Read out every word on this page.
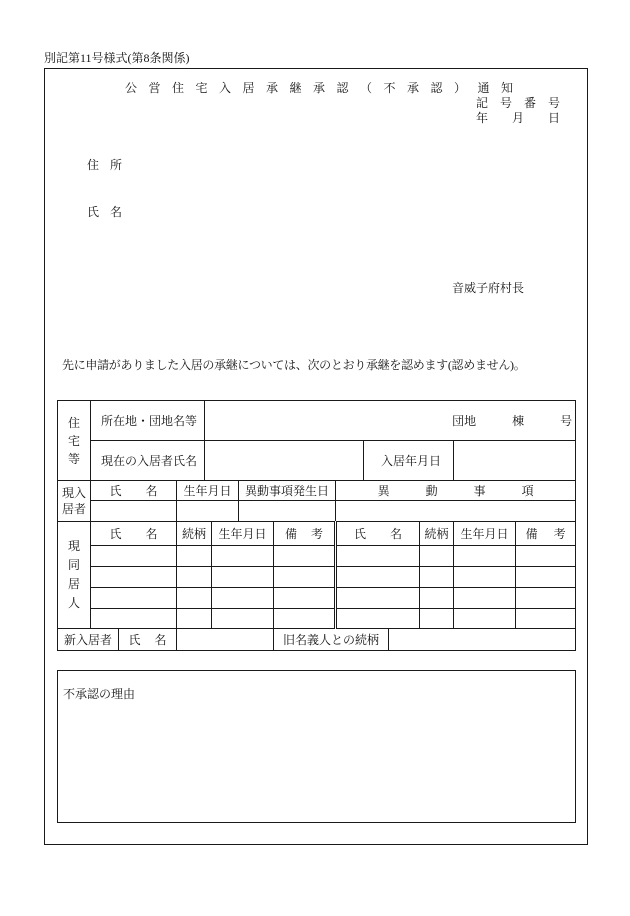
別記第11号様式(第8条関係)
公営住宅入居承継承認（不承認）通知
記号番号
年月日
住所
氏名
音威子府村長
先に申請がありました入居の承継については、次のとおり承継を認めます(認めません)。
住宅等	所在地・団地名等			団地 棟 号									
	現在の入居者氏名								入居年月日				
現入居者	氏名		生年月日			異動事項発生日		異動事項					

現同居人	氏名		続柄		生年月日		備考	氏名			続柄	生年月日	備考

新入居者		氏名					旧名義人との続柄						
不承認の理由
